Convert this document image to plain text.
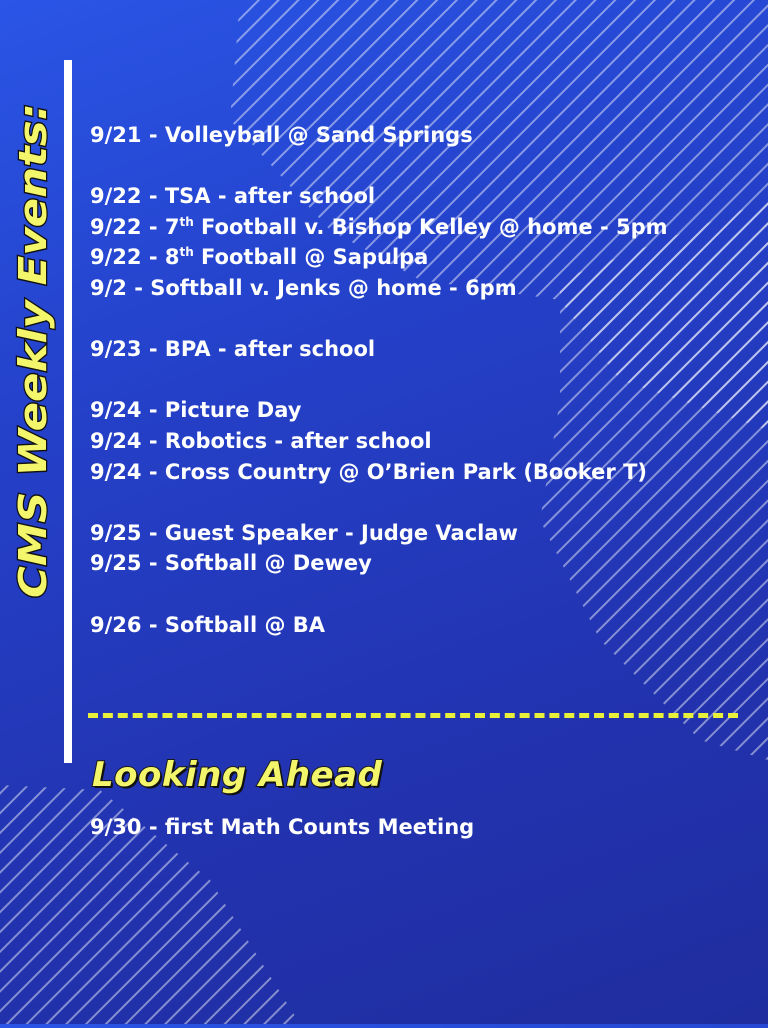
CMS Weekly Events:
9/21 - Volleyball @ Sand Springs
9/22 - TSA - after school
9/22 - 7th Football v. Bishop Kelley @ home - 5pm
9/22 - 8th Football @ Sapulpa
9/2 - Softball v. Jenks @ home - 6pm
9/23 - BPA - after school
9/24 - Picture Day
9/24 - Robotics - after school
9/24 - Cross Country @ O’Brien Park (Booker T)
9/25 - Guest Speaker - Judge Vaclaw
9/25 - Softball @ Dewey
9/26 - Softball @ BA
Looking Ahead
9/30 - first Math Counts Meeting
